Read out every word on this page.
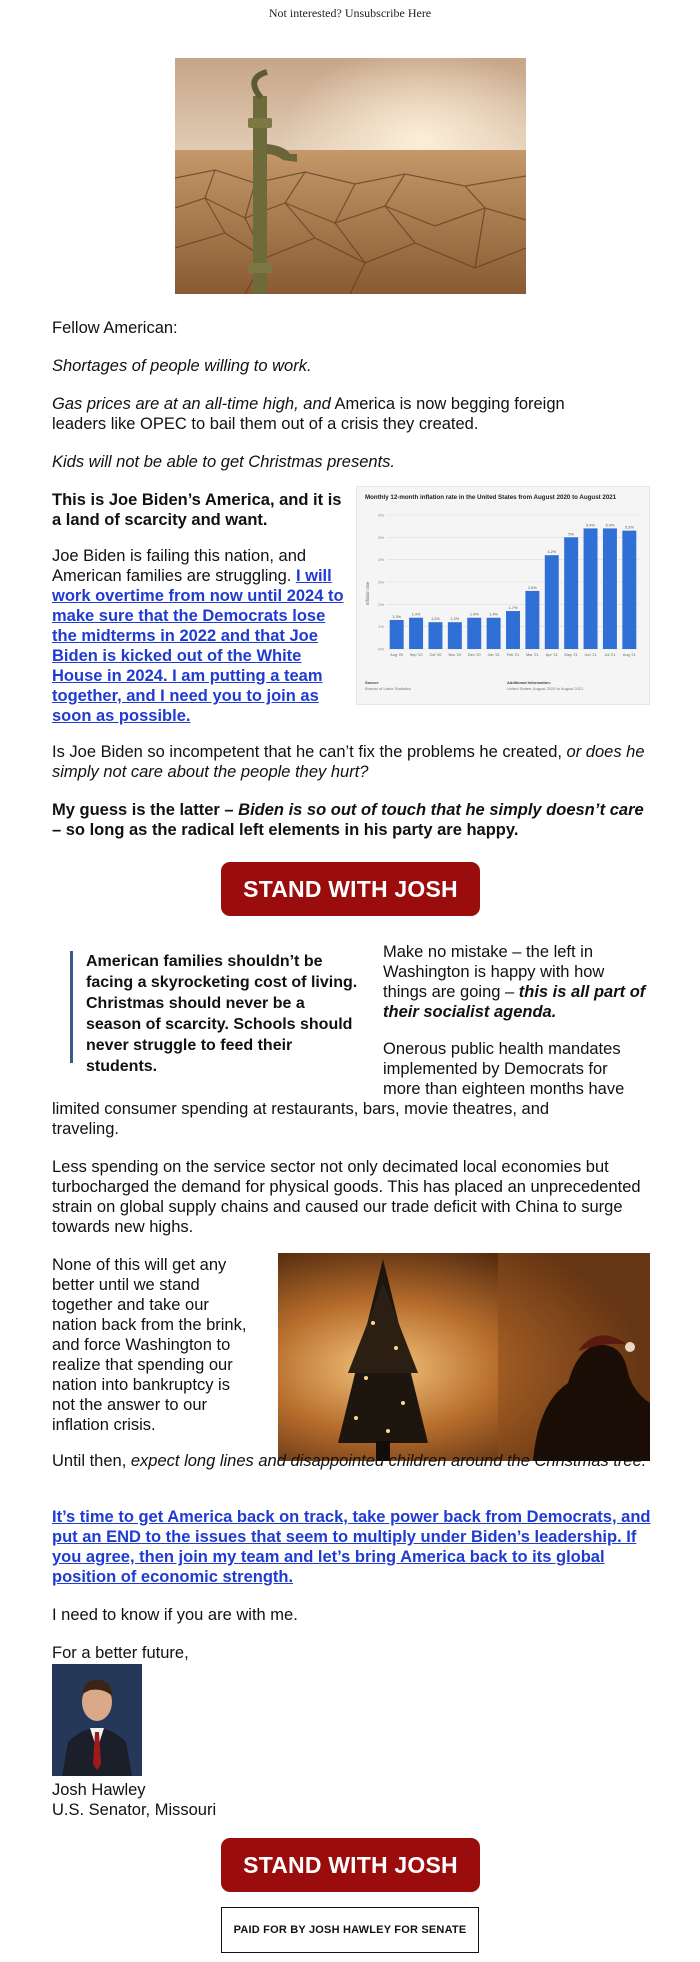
Not interested? Unsubscribe Here

Fellow American:

Shortages of people willing to work.

Gas prices are at an all-time high, and America is now begging foreign leaders like OPEC to bail them out of a crisis they created.

Kids will not be able to get Christmas presents.

This is Joe Biden’s America, and it is a land of scarcity and want.

Joe Biden is failing this nation, and American families are struggling. I will work overtime from now until 2024 to make sure that the Democrats lose the midterms in 2022 and that Joe Biden is kicked out of the White House in 2024. I am putting a team together, and I need you to join as soon as possible.

Monthly 12-month inflation rate in the United States from August 2020 to August 2021
Inflation rate
0%
1%
2%
3%
4%
5%
6%
1.3%
Aug '20
1.4%
Sep '20
1.2%
Oct '20
1.2%
Nov '20
1.4%
Dec '20
1.4%
Jan '21
1.7%
Feb '21
2.6%
Mar '21
4.2%
Apr '21
5%
May '21
5.4%
Jun '21
5.4%
Jul '21
5.3%
Aug '21
Source
Bureau of Labor Statistics
Additional Information:
United States; August 2020 to August 2021

Is Joe Biden so incompetent that he can’t fix the problems he created, or does he simply not care about the people they hurt?

My guess is the latter – Biden is so out of touch that he simply doesn’t care – so long as the radical left elements in his party are happy.

STAND WITH JOSH
American families shouldn’t be facing a skyrocketing cost of living. Christmas should never be a season of scarcity. Schools should never struggle to feed their students.

Make no mistake – the left in Washington is happy with how things are going – this is all part of their socialist agenda.

Onerous public health mandates

implemented by Democrats for

more than eighteen months have

limited consumer spending at restaurants, bars, movie theatres, and

traveling.

Less spending on the service sector not only decimated local economies but turbocharged the demand for physical goods. This has placed an unprecedented strain on global supply chains and caused our trade deficit with China to surge towards new highs.

None of this will get any better until we stand together and take our nation back from the brink, and force Washington to realize that spending our nation into bankruptcy is not the answer to our inflation crisis.

Until then, expect long lines and disappointed children around the Christmas tree.

It’s time to get America back on track, take power back from Democrats, and put an END to the issues that seem to multiply under Biden’s leadership. If you agree, then join my team and let’s bring America back to its global position of economic strength.

I need to know if you are with me.

For a better future,

Josh Hawley

U.S. Senator, Missouri

STAND WITH JOSH
PAID FOR BY JOSH HAWLEY FOR SENATE
